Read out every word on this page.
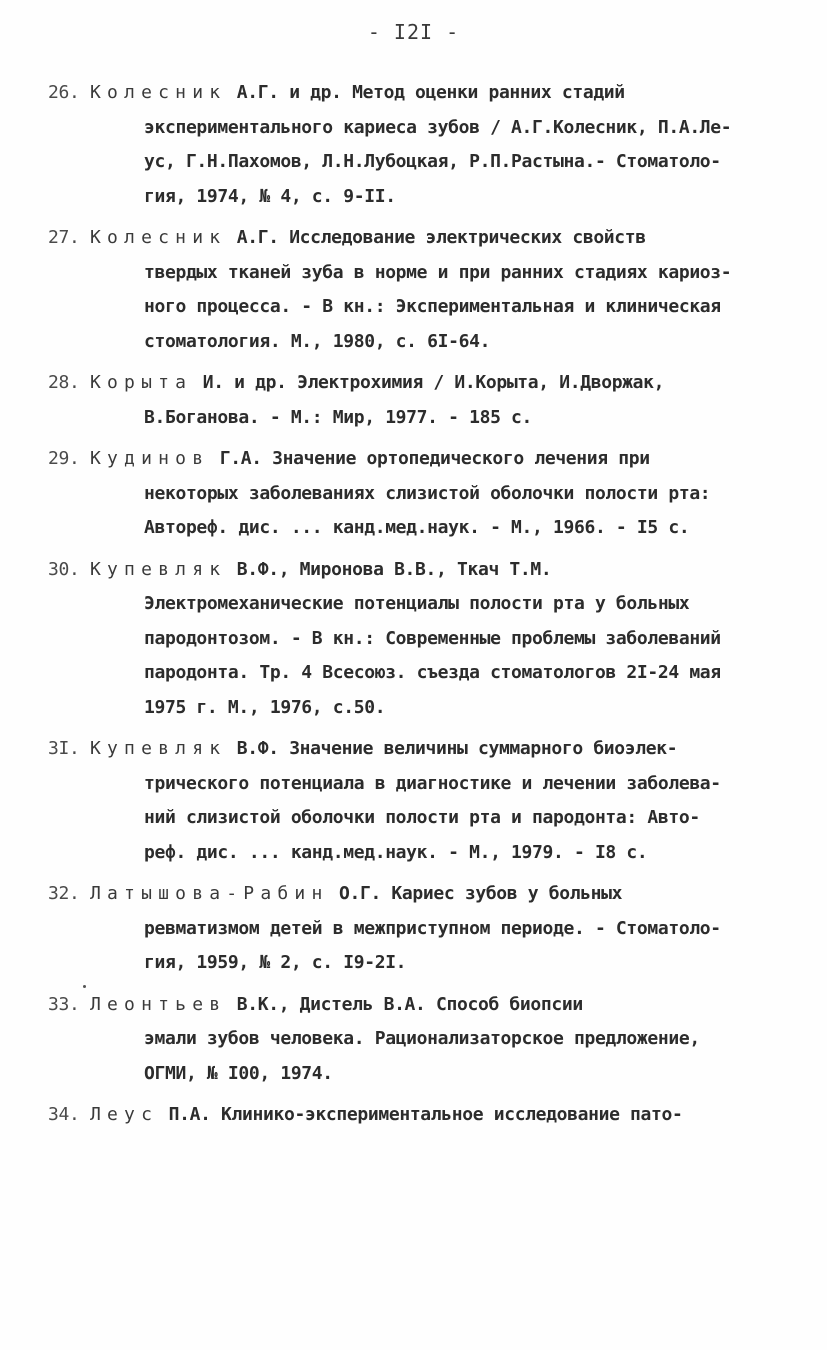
- I2I -
26. Колесник А.Г. и др. Метод оценки ранних стадий
экспериментального кариеса зубов / А.Г.Колесник, П.А.Ле-
ус, Г.Н.Пахомов, Л.Н.Лубоцкая, Р.П.Растына.- Стоматоло-
гия, 1974, № 4, с. 9-II.
27. Колесник А.Г. Исследование электрических свойств
твердых тканей зуба в норме и при ранних стадиях кариоз-
ного процесса. - В кн.: Экспериментальная и клиническая
стоматология. М., 1980, с. 6I-64.
28. Корыта И. и др. Электрохимия / И.Корыта, И.Дворжак,
В.Боганова. - М.: Мир, 1977. - 185 с.
29. Кудинов Г.А. Значение ортопедического лечения при
некоторых заболеваниях слизистой оболочки полости рта:
Автореф. дис. ... канд.мед.наук. - М., 1966. - I5 с.
30. Купевляк В.Ф., Миронова В.В., Ткач Т.М.
Электромеханические потенциалы полости рта у больных
пародонтозом. - В кн.: Современные проблемы заболеваний
пародонта. Тр. 4 Всесоюз. съезда стоматологов 2I-24 мая
1975 г. М., 1976, с.50.
3I. Купевляк В.Ф. Значение величины суммарного биоэлек-
трического потенциала в диагностике и лечении заболева-
ний слизистой оболочки полости рта и пародонта: Авто-
реф. дис. ... канд.мед.наук. - М., 1979. - I8 с.
32. Латышова-Рабин О.Г. Кариес зубов у больных
ревматизмом детей в межприступном периоде. - Стоматоло-
гия, 1959, № 2, с. I9-2I.
33. Леонтьев В.К., Дистель В.А. Способ биопсии
эмали зубов человека. Рационализаторское предложение,
ОГМИ, № I00, 1974.
34. Леус П.А. Клинико-экспериментальное исследование пато-
